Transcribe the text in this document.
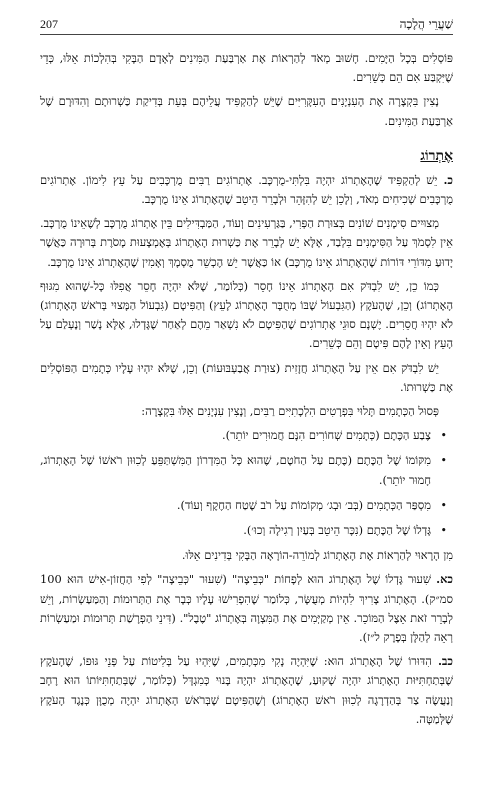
שַׁעֲרֵי הֲלָכָה
207

פּוֹסְלִים בְּכָל הַיָּמִים. חָשׁוּב מְאֹד לְהַרְאוֹת אֶת אַרְבַּעַת הַמִּינִים לְאָדָם הַבָּקִי בְּהִלְכוֹת אֵלּוּ, כְּדֵי שֶׁיִּקְבַּע אִם הֵם כְּשֵׁרִים.

נָצִין בִּקְצָרָה אֶת הָעִנְיָנִים הָעִקָּרִיִּים שֶׁיֵּשׁ לְהַקְפִּיד עֲלֵיהֶם בְּעֵת בְּדִיקַת כַּשְׁרוּתָם וְהִדּוּרָם שֶׁל אַרְבַּעַת הַמִּינִים.

אֶתְרוֹג

כ. יֵשׁ לְהַקְפִּיד שֶׁהָאֶתְרוֹג יִהְיֶה בִּלְתִּי-מֻרְכָּב. אֶתְרוֹגִים רַבִּים מֻרְכָּבִים עַל עֵץ לִימוֹן. אֶתְרוֹגִים מֻרְכָּבִים שְׁכִיחִים מְאֹד, וְלָכֵן יֵשׁ לְהִזָּהֵר וּלְבָרֵר הֵיטֵב שֶׁהָאֶתְרוֹג אֵינוֹ מֻרְכָּב.

מְצוּיִים סִימָנִים שׁוֹנִים בְּצוּרַת הַפְּרִי, בַּגַּרְעִינִים וְעוֹד, הַמַּבְדִּילִים בֵּין אֶתְרוֹג מֻרְכָּב לְשֶׁאֵינוֹ מֻרְכָּב. אֵין לִסְמֹךְ עַל הַסִּימָנִים בִּלְבַד, אֶלָּא יֵשׁ לְבָרֵר אֶת כַּשְׁרוּת הָאֶתְרוֹג בְּאֶמְצָעוּת מָסֹרֶת בְּרוּרָה כַּאֲשֶׁר יָדוּעַ מִדּוֹרֵי דּוֹרוֹת שֶׁהָאֶתְרוֹג אֵינוֹ מֻרְכָּב) אוֹ כַּאֲשֶׁר יֵשׁ הֶכְשֵׁר מֻסְמָךְ וְאָמִין שֶׁהָאֶתְרוֹג אֵינוֹ מֻרְכָּב.

כְּמוֹ כֵן, יֵשׁ לִבְדֹּק אִם הָאֶתְרוֹג אֵינוֹ חָסֵר (כְּלוֹמַר, שֶׁלֹּא יִהְיֶה חָסֵר אֲפִלּוּ כָּל-שֶׁהוּא מִגּוּף הָאֶתְרוֹג) וְכֵן, שֶׁהָעֹקֶץ (הַגִּבְעוֹל שֶׁבּוֹ מְחֻבָּר הָאֶתְרוֹג לָעֵץ) וְהַפִּיטָם (גִּבְעוֹל הַמָּצוּי בְּרֹאשׁ הָאֶתְרוֹג) לֹא יִהְיוּ חֲסֵרִים. יֶשְׁנָם סוּגֵי אֶתְרוֹגִים שֶׁהַפִּיטָם לֹא נִשְׁאַר מֵהֶם לְאַחַר שֶׁגָּדְלוּ, אֶלָּא נָשַׁר וְנֶעְלַם עַל הָעֵץ וְאֵין לָהֶם פִּיטָם וְהֵם כְּשֵׁרִים.

יֵשׁ לִבְדֹּק אִם אֵין עַל הָאֶתְרוֹג חֲזָזִית (צוּרַת אֲבַעְבּוּעוֹת) וְכֵן, שֶׁלֹּא יִהְיוּ עָלָיו כְּתָמִים הַפּוֹסְלִים אֶת כַּשְׁרוּתוֹ.

פְּסוּל הַכְּתָמִים תָּלוּי בִּפְרָטִים הִלְכָתִיִּים רַבִּים, וְנָצִין עִנְיָנִים אֵלּוּ בִּקְצָרָה:

•
צֶבַע הַכֶּתֶם (כְּתָמִים שְׁחוֹרִים הִנָּם חֲמוּרִים יוֹתֵר).
•
מִקּוֹמוֹ שֶׁל הַכֶּתֶם (כֶּתֶם עַל הַחֹטֶם, שֶׁהוּא כָּל הַמִּדְרוֹן הַמִּשְׁתַּפֵּעַ לְכִוּוּן רֹאשׁוֹ שֶׁל הָאֶתְרוֹג, חָמוּר יוֹתֵר).
•
מִסְפַּר הַכְּתָמִים (בְּב׳ וּבְג׳ מְקוֹמוֹת עַל רֹב שֶׁטַח הַחֶקֶף וְעוֹד).
•
גָּדְלוֹ שֶׁל הַכֶּתֶם (נִכָּר הֵיטֵב בְּעַיִן רְגִילָה וְכוּ׳).

מִן הָרָאוּי לְהַרְאוֹת אֶת הָאֶתְרוֹג לְמוֹרֵה-הוֹרָאָה הַבָּקִי בְּדִינִים אֵלּוּ.

כא. שִׁעוּר גָּדְלוֹ שֶׁל הָאֶתְרוֹג הוּא לְפָחוֹת "כְּבֵיצָה" (שִׁעוּר "כְּבֵיצָה" לְפִי הַחֲזוֹן-אִישׁ הוּא 100 סמ״ק). הָאֶתְרוֹג צָרִיךְ לִהְיוֹת מְעֻשָּׂר, כְּלוֹמַר שֶׁהִפְרִישׁוּ עָלָיו כְּבָר אֶת הַתְּרוּמוֹת וְהַמַּעַשְׂרוֹת, וְיֵשׁ לְבָרֵר זֹאת אֵצֶל הַמּוֹכֵר. אֵין מְקַיְּמִים אֶת הַמִּצְוָה בְּאֶתְרוֹג "טֶבֶל". (דִּינֵי הַפְרָשַׁת תְּרוּמוֹת וּמַעַשְׂרוֹת רְאֵה לְהַלָּן בְּפֶרֶק ל״ז).

כב. הִדּוּרוֹ שֶׁל הָאֶתְרוֹג הוּא: שֶׁיִּהְיֶה נָקִי מִכְּתָמִים, שֶׁיִּהְיוּ עַל בְּלִיטוֹת עַל פְּנֵי גּוּפוֹ, שֶׁהָעֹקֶץ שֶׁבְּתַחְתִּיּוּת הָאֶתְרוֹג יִהְיֶה שָׁקוּעַ, שֶׁהָאֶתְרוֹג יִהְיֶה בָּנוּי כְּמִגְדָּל (כְּלוֹמַר, שֶׁבְּתַחְתִּיּוֹתוֹ הוּא רָחָב וְנַעֲשֶׂה צַר בְּהַדְרָגָה לְכִוּוּן רֹאשׁ הָאֶתְרוֹג) וְשֶׁהַפִּיטָם שֶׁבְּרֹאשׁ הָאֶתְרוֹג יִהְיֶה מְכֻוָּן כְּנֶגֶד הָעֹקֶץ שֶׁלְּמַטָּה.
